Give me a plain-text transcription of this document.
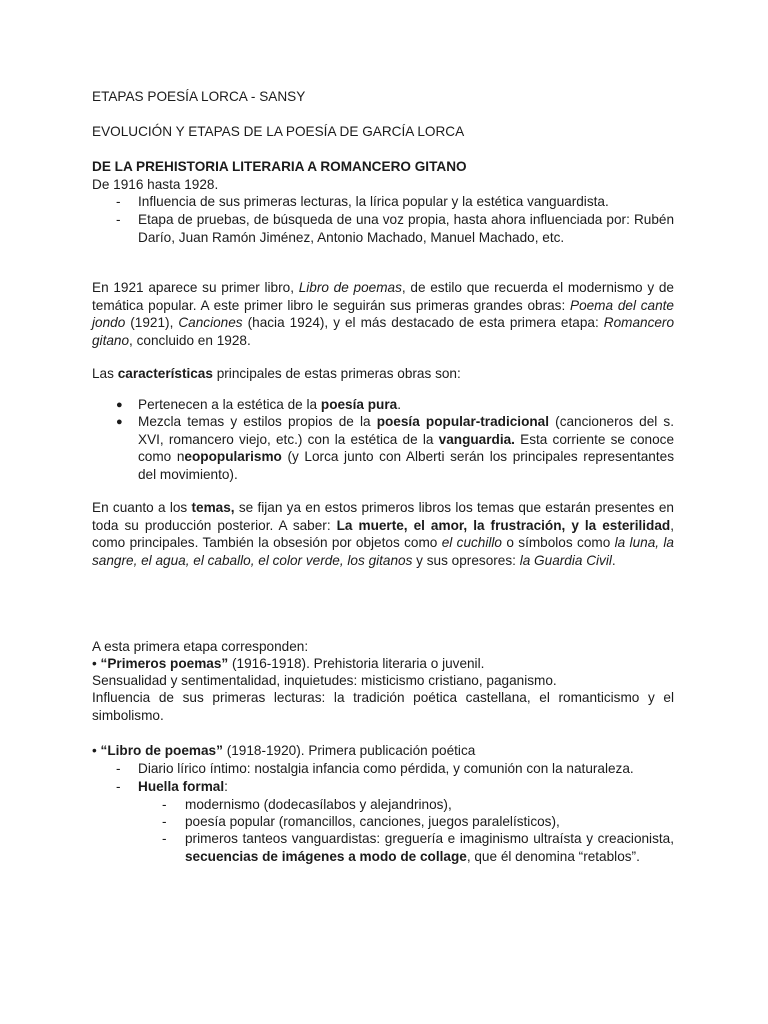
ETAPAS POESÍA LORCA - SANSY

EVOLUCIÓN Y ETAPAS DE LA POESÍA DE GARCÍA LORCA

DE LA PREHISTORIA LITERARIA A ROMANCERO GITANO

De 1916 hasta 1928.

- Influencia de sus primeras lecturas, la lírica popular y la estética vanguardista.

- Etapa de pruebas, de búsqueda de una voz propia, hasta ahora influenciada por: Rubén Darío, Juan Ramón Jiménez, Antonio Machado, Manuel Machado, etc.

En 1921 aparece su primer libro, Libro de poemas, de estilo que recuerda el modernismo y de temática popular. A este primer libro le seguirán sus primeras grandes obras: Poema del cante jondo (1921), Canciones (hacia 1924), y el más destacado de esta primera etapa: Romancero gitano, concluido en 1928.

Las características principales de estas primeras obras son:

● Pertenecen a la estética de la poesía pura.

● Mezcla temas y estilos propios de la poesía popular-tradicional (cancioneros del s. XVI, romancero viejo, etc.) con la estética de la vanguardia. Esta corriente se conoce como neopopularismo (y Lorca junto con Alberti serán los principales representantes del movimiento).

En cuanto a los temas, se fijan ya en estos primeros libros los temas que estarán presentes en toda su producción posterior. A saber: La muerte, el amor, la frustración, y la esterilidad, como principales. También la obsesión por objetos como el cuchillo o símbolos como la luna, la sangre, el agua, el caballo, el color verde, los gitanos y sus opresores: la Guardia Civil.

A esta primera etapa corresponden:

• “Primeros poemas” (1916-1918). Prehistoria literaria o juvenil.

Sensualidad y sentimentalidad, inquietudes: misticismo cristiano, paganismo.

Influencia de sus primeras lecturas: la tradición poética castellana, el romanticismo y el simbolismo.

• “Libro de poemas” (1918-1920). Primera publicación poética

- Diario lírico íntimo: nostalgia infancia como pérdida, y comunión con la naturaleza.

- Huella formal:

- modernismo (dodecasílabos y alejandrinos),

- poesía popular (romancillos, canciones, juegos paralelísticos),

- primeros tanteos vanguardistas: greguería e imaginismo ultraísta y creacionista, secuencias de imágenes a modo de collage, que él denomina “retablos”.
